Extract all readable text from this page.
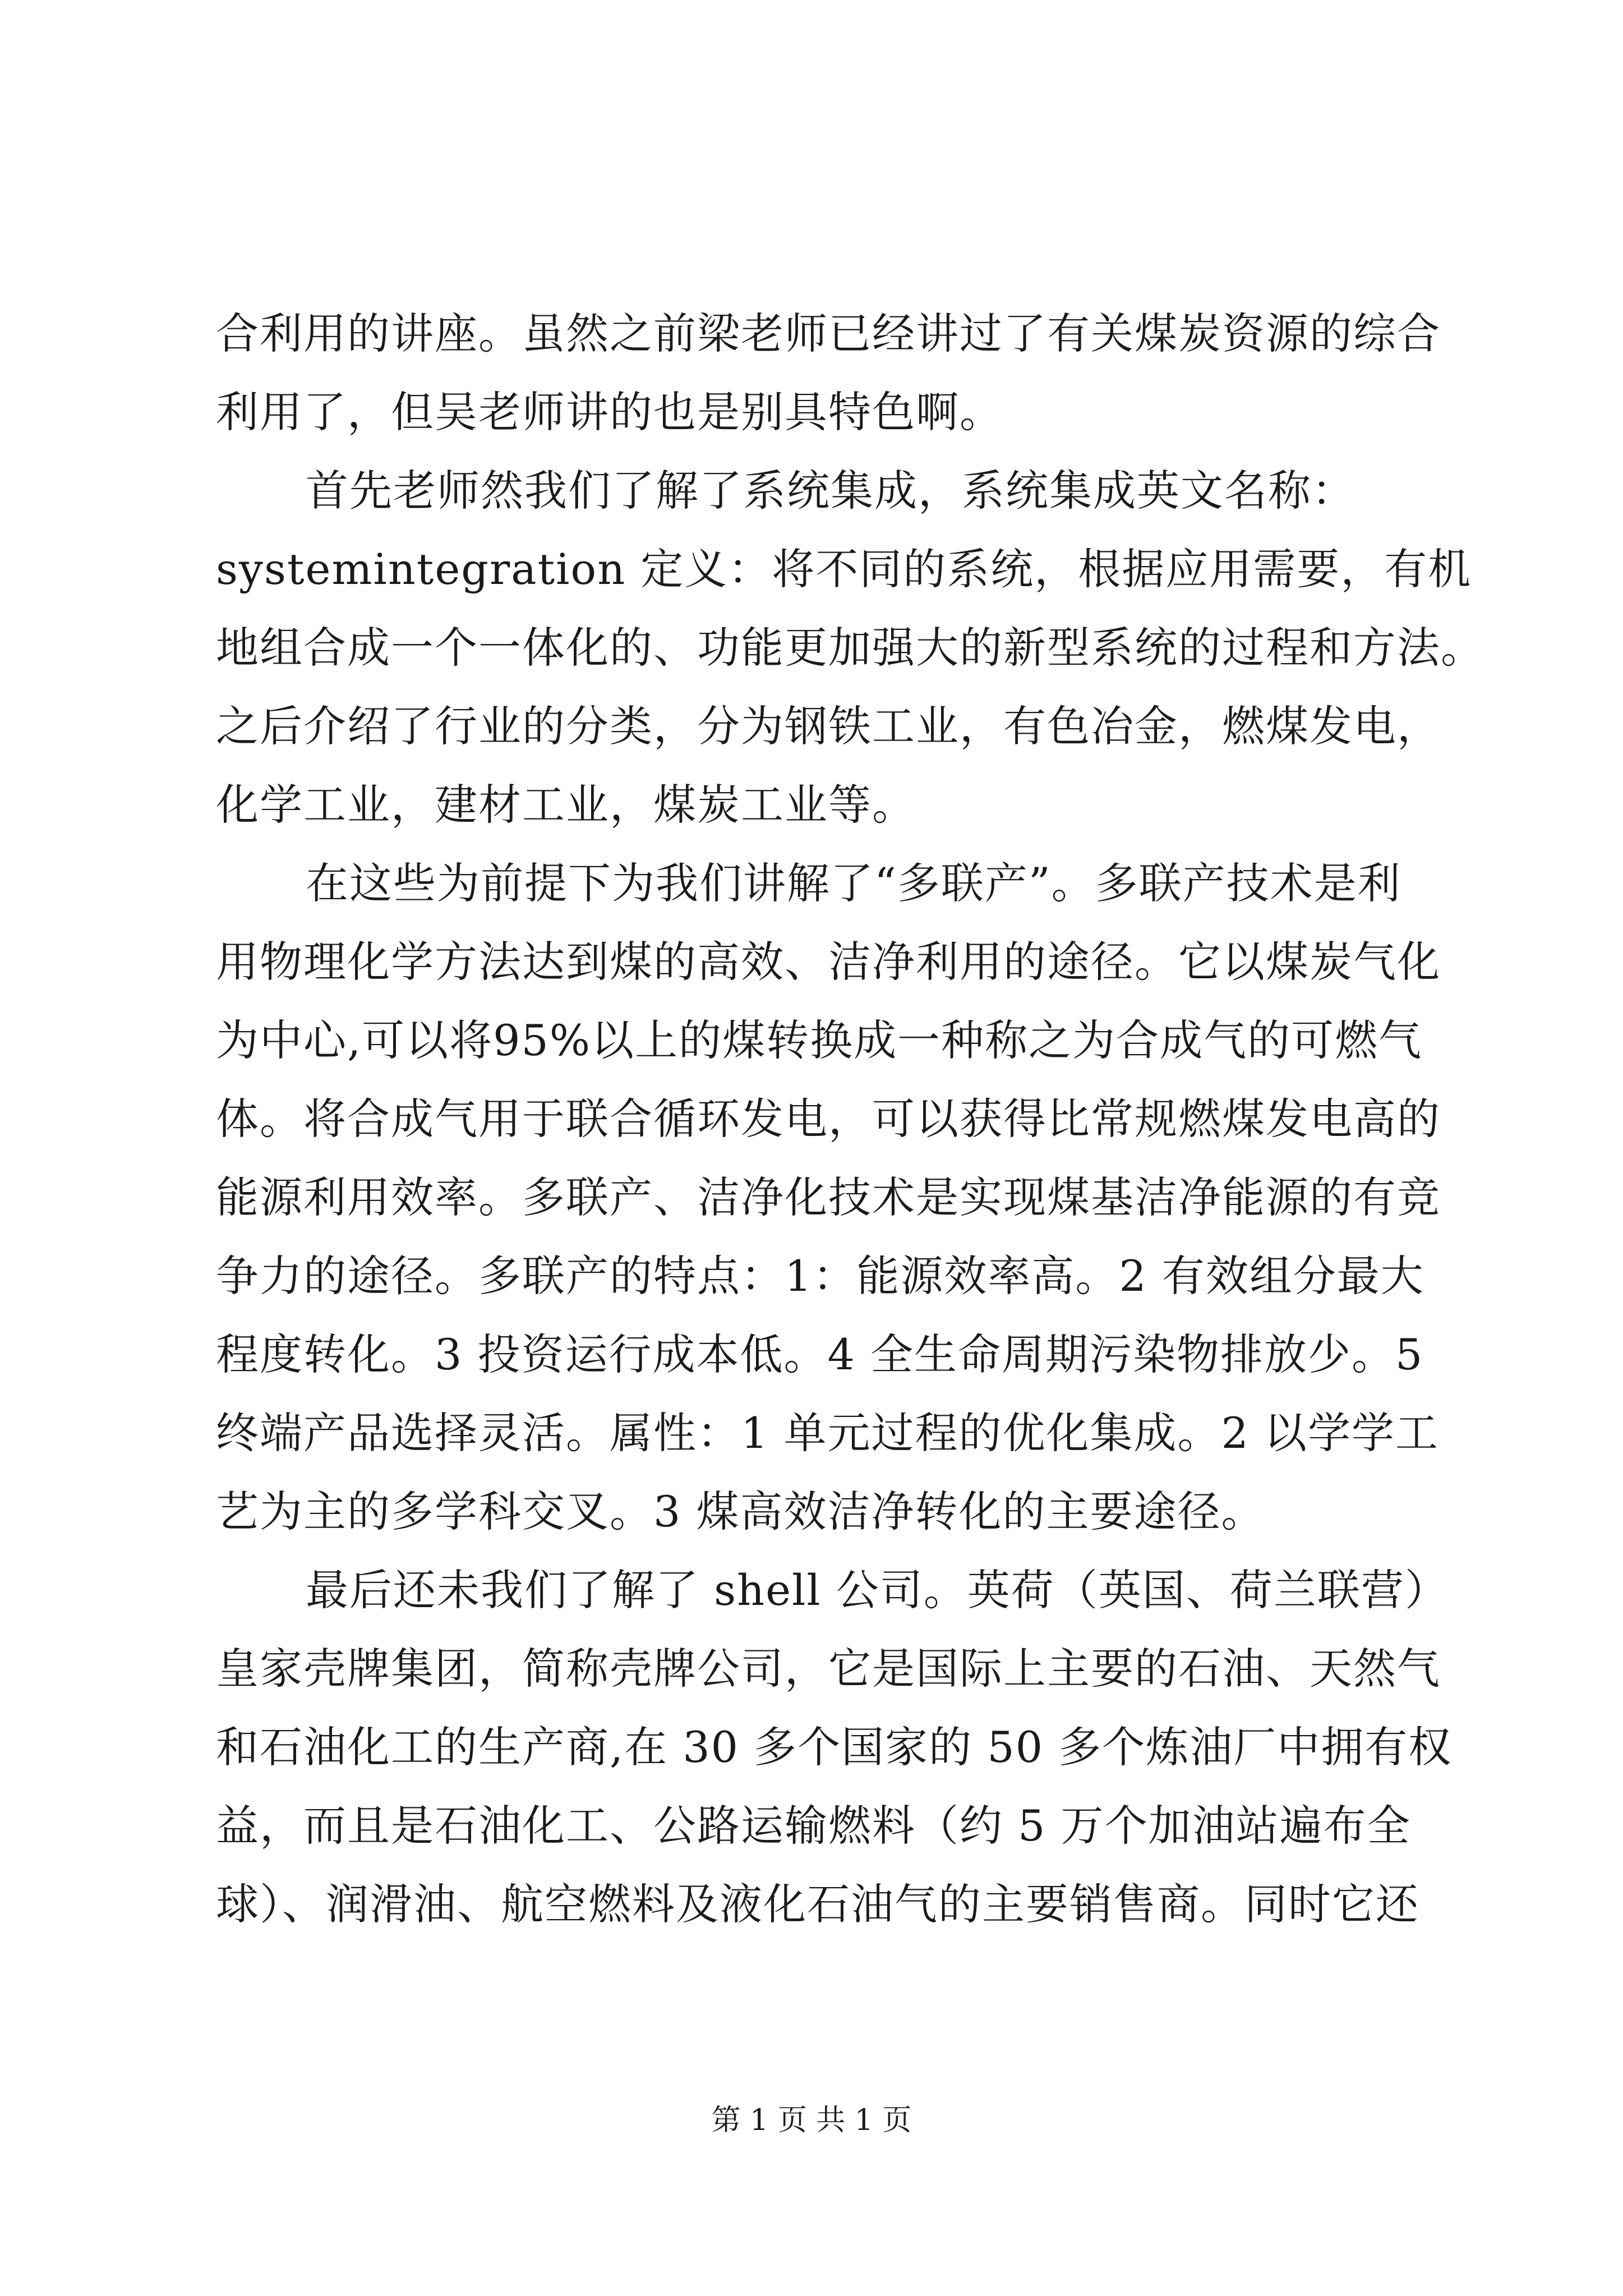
合利用的讲座。虽然之前梁老师已经讲过了有关煤炭资源的综合
利用了，但吴老师讲的也是别具特色啊。
首先老师然我们了解了系统集成，系统集成英文名称：
systemintegration 定义：将不同的系统，根据应用需要，有机
地组合成一个一体化的、功能更加强大的新型系统的过程和方法。
之后介绍了行业的分类，分为钢铁工业，有色冶金，燃煤发电，
化学工业，建材工业，煤炭工业等。
在这些为前提下为我们讲解了“多联产”。多联产技术是利
用物理化学方法达到煤的高效、洁净利用的途径。它以煤炭气化
为中心,可以将95%以上的煤转换成一种称之为合成气的可燃气
体。将合成气用于联合循环发电，可以获得比常规燃煤发电高的
能源利用效率。多联产、洁净化技术是实现煤基洁净能源的有竞
争力的途径。多联产的特点：1：能源效率高。2 有效组分最大
程度转化。3 投资运行成本低。4 全生命周期污染物排放少。5
终端产品选择灵活。属性：1 单元过程的优化集成。2 以学学工
艺为主的多学科交叉。3 煤高效洁净转化的主要途径。
最后还未我们了解了 shell 公司。英荷（英国、荷兰联营）
皇家壳牌集团，简称壳牌公司，它是国际上主要的石油、天然气
和石油化工的生产商,在 30 多个国家的 50 多个炼油厂中拥有权
益，而且是石油化工、公路运输燃料（约 5 万个加油站遍布全
球）、润滑油、航空燃料及液化石油气的主要销售商。同时它还
第 1 页 共 1 页
